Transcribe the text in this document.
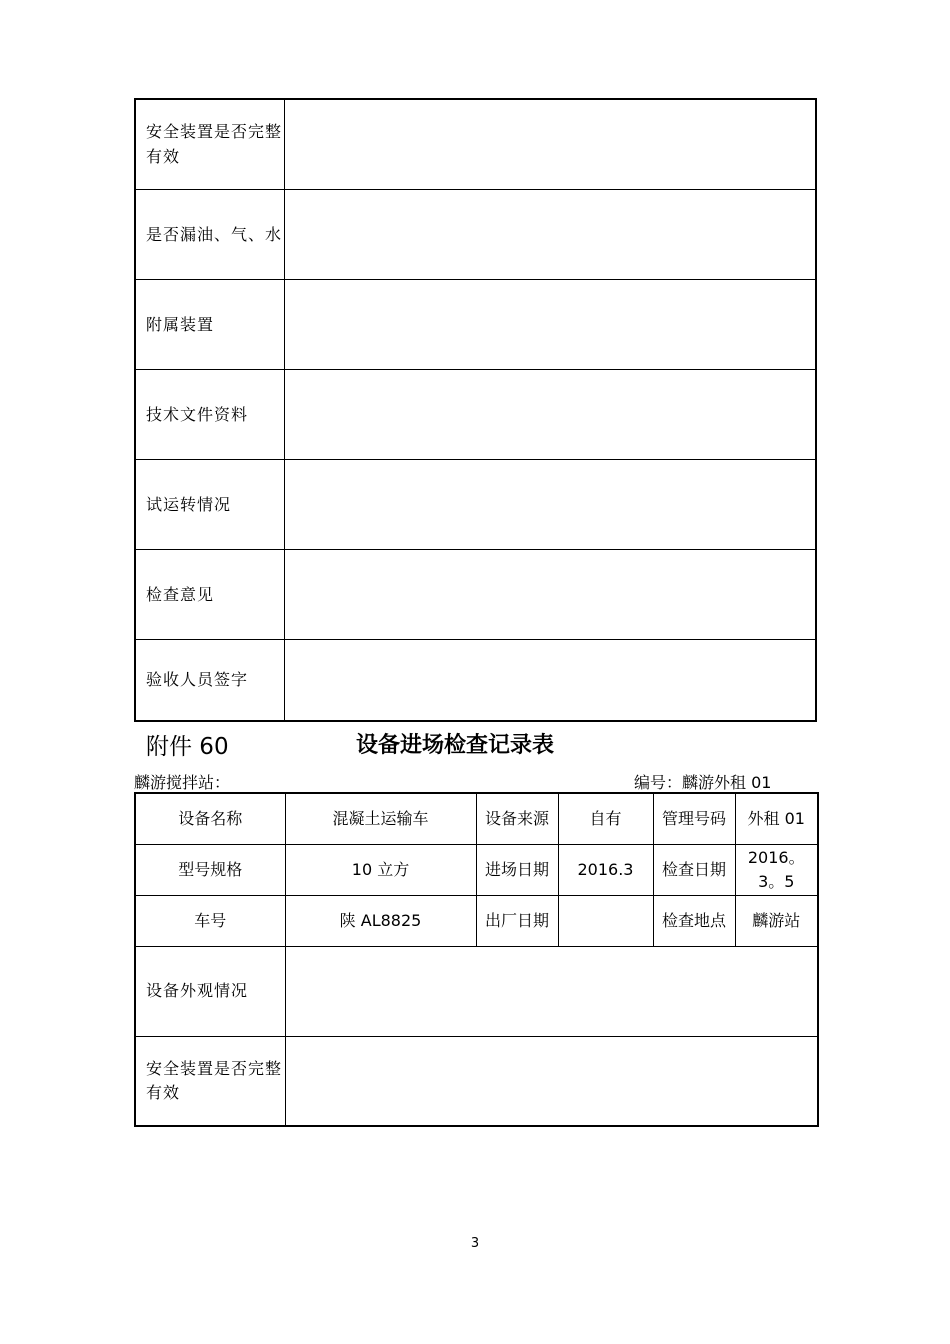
安全装置是否完整有效	
是否漏油、气、水	
附属装置	
技术文件资料	
试运转情况	
检查意见	
验收人员签字	
附件 60	设备进场检查记录表
麟游搅拌站：	编号：麟游外租 01
设备名称	混凝土运输车	设备来源	自有	管理号码	外租 01
型号规格	10 立方	进场日期	2016.3	检查日期	2016。3。5
车号	陕 AL8825	出厂日期		检查地点	麟游站
设备外观情况					
安全装置是否完整有效					
3
